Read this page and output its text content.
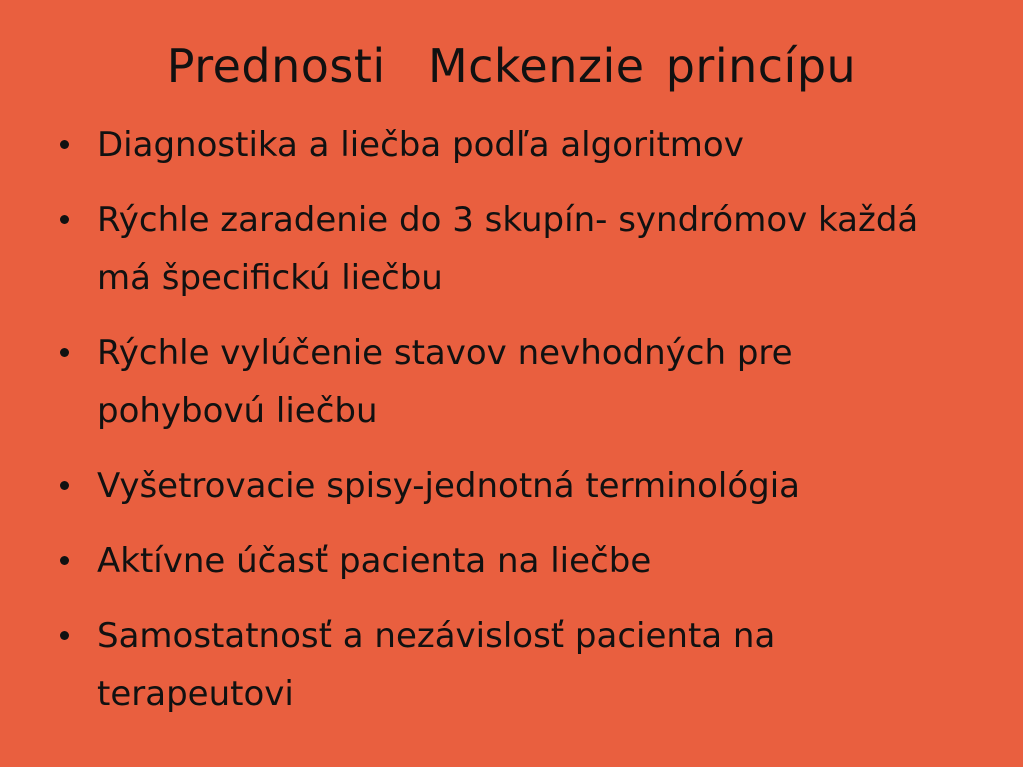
Prednosti  Mckenzie princípu
Diagnostika a liečba podľa algoritmov
Rýchle zaradenie do 3 skupín- syndrómov každá má špecifickú liečbu
Rýchle vylúčenie stavov nevhodných pre pohybovú liečbu
Vyšetrovacie spisy-jednotná terminológia
Aktívne účasť pacienta na liečbe
Samostatnosť a nezávislosť pacienta na terapeutovi
